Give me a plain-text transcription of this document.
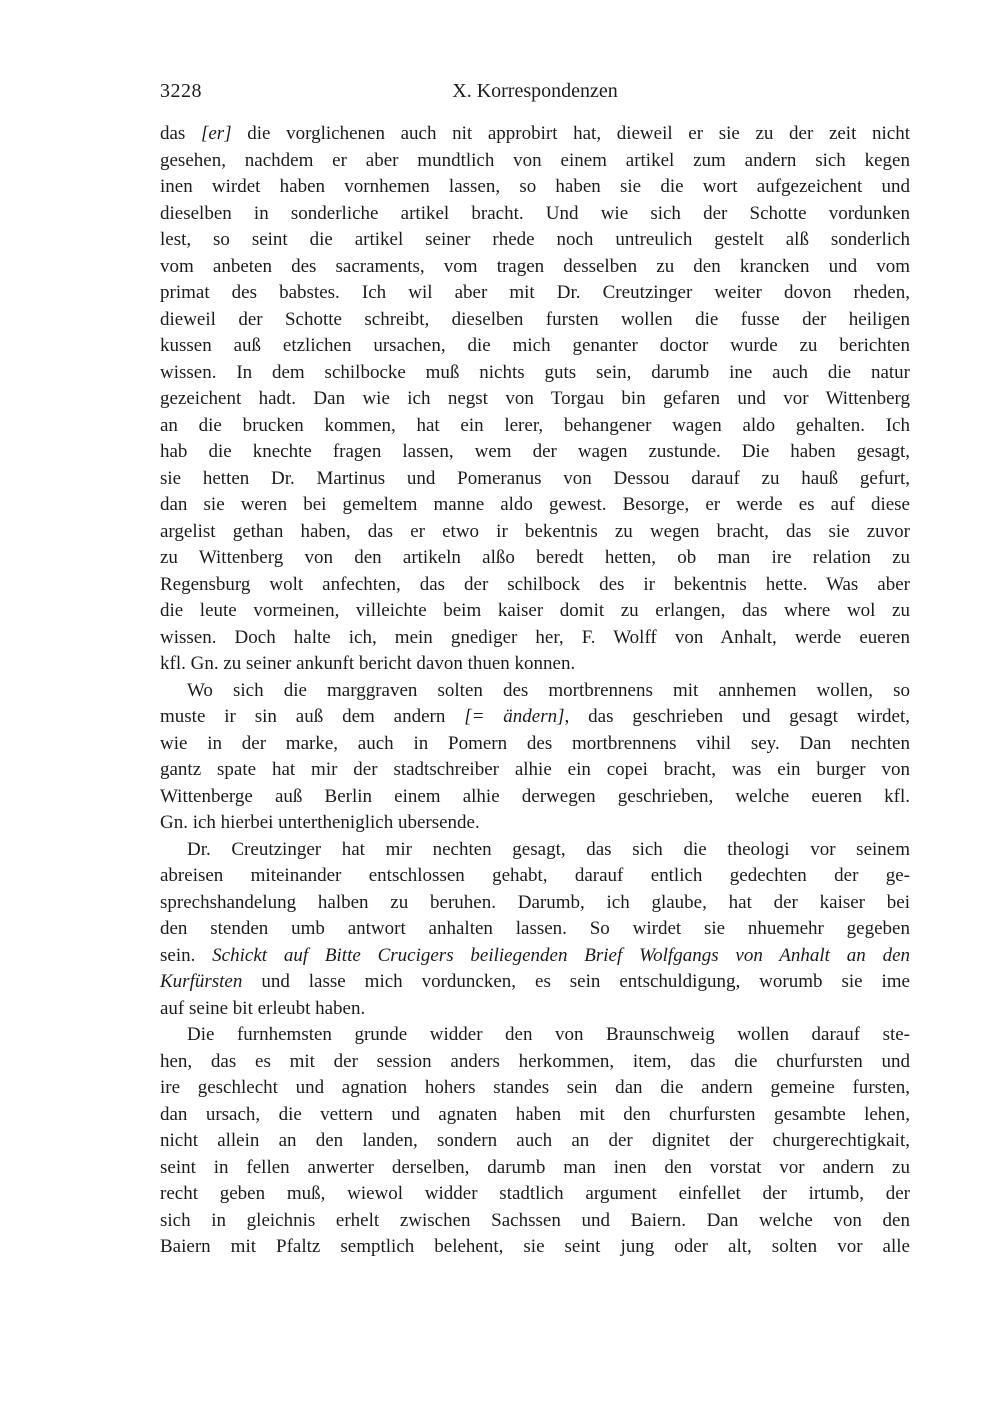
3228	X. Korrespondenzen
das [er] die vorglichenen auch nit approbirt hat, dieweil er sie zu der zeit nicht
gesehen, nachdem er aber mundtlich von einem artikel zum andern sich kegen
inen wirdet haben vornhemen lassen, so haben sie die wort aufgezeichent und
dieselben in sonderliche artikel bracht. Und wie sich der Schotte vordunken
lest, so seint die artikel seiner rhede noch untreulich gestelt alß sonderlich
vom anbeten des sacraments, vom tragen desselben zu den krancken und vom
primat des babstes. Ich wil aber mit Dr. Creutzinger weiter dovon rheden,
dieweil der Schotte schreibt, dieselben fursten wollen die fusse der heiligen
kussen auß etzlichen ursachen, die mich genanter doctor wurde zu berichten
wissen. In dem schilbocke muß nichts guts sein, darumb ine auch die natur
gezeichent hadt. Dan wie ich negst von Torgau bin gefaren und vor Wittenberg
an die brucken kommen, hat ein lerer, behangener wagen aldo gehalten. Ich
hab die knechte fragen lassen, wem der wagen zustunde. Die haben gesagt,
sie hetten Dr. Martinus und Pomeranus von Dessou darauf zu hauß gefurt,
dan sie weren bei gemeltem manne aldo gewest. Besorge, er werde es auf diese
argelist gethan haben, das er etwo ir bekentnis zu wegen bracht, das sie zuvor
zu Wittenberg von den artikeln alßo beredt hetten, ob man ire relation zu
Regensburg wolt anfechten, das der schilbock des ir bekentnis hette. Was aber
die leute vormeinen, villeichte beim kaiser domit zu erlangen, das where wol zu
wissen. Doch halte ich, mein gnediger her, F. Wolff von Anhalt, werde eueren
kfl. Gn. zu seiner ankunft bericht davon thuen konnen.
Wo sich die marggraven solten des mortbrennens mit annhemen wollen, so
muste ir sin auß dem andern [= ändern], das geschrieben und gesagt wirdet,
wie in der marke, auch in Pomern des mortbrennens vihil sey. Dan nechten
gantz spate hat mir der stadtschreiber alhie ein copei bracht, was ein burger von
Wittenberge auß Berlin einem alhie derwegen geschrieben, welche eueren kfl.
Gn. ich hierbei untertheniglich ubersende.
Dr. Creutzinger hat mir nechten gesagt, das sich die theologi vor seinem
abreisen miteinander entschlossen gehabt, darauf entlich gedechten der ge-
sprechshandelung halben zu beruhen. Darumb, ich glaube, hat der kaiser bei
den stenden umb antwort anhalten lassen. So wirdet sie nhuemehr gegeben
sein. Schickt auf Bitte Crucigers beiliegenden Brief Wolfgangs von Anhalt an den
Kurfürsten und lasse mich vorduncken, es sein entschuldigung, worumb sie ime
auf seine bit erleubt haben.
Die furnhemsten grunde widder den von Braunschweig wollen darauf ste-
hen, das es mit der session anders herkommen, item, das die churfursten und
ire geschlecht und agnation hohers standes sein dan die andern gemeine fursten,
dan ursach, die vettern und agnaten haben mit den churfursten gesambte lehen,
nicht allein an den landen, sondern auch an der dignitet der churgerechtigkait,
seint in fellen anwerter derselben, darumb man inen den vorstat vor andern zu
recht geben muß, wiewol widder stadtlich argument einfellet der irtumb, der
sich in gleichnis erhelt zwischen Sachssen und Baiern. Dan welche von den
Baiern mit Pfaltz semptlich belehent, sie seint jung oder alt, solten vor alle
